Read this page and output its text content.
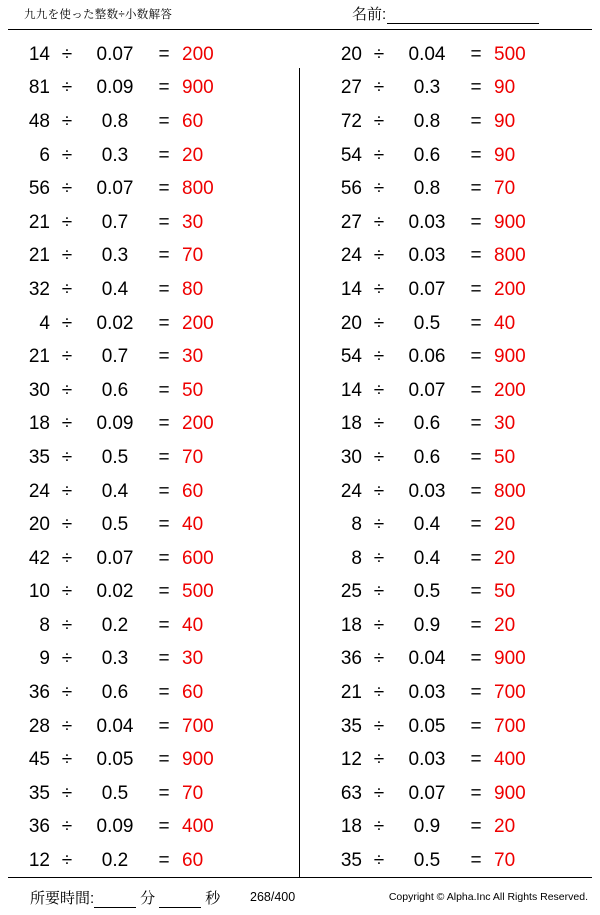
九九を使った整数÷小数解答	名前:
14 ÷	0.07	= 200
81 ÷	0.09	= 900
48 ÷	0.8	= 60
6 ÷	0.3	= 20
56 ÷	0.07	= 800
21 ÷	0.7	= 30
21 ÷	0.3	= 70
32 ÷	0.4	= 80
4 ÷	0.02	= 200
21 ÷	0.7	= 30
30 ÷	0.6	= 50
18 ÷	0.09	= 200
35 ÷	0.5	= 70
24 ÷	0.4	= 60
20 ÷	0.5	= 40
42 ÷	0.07	= 600
10 ÷	0.02	= 500
8 ÷	0.2	= 40
9 ÷	0.3	= 30
36 ÷	0.6	= 60
28 ÷	0.04	= 700
45 ÷	0.05	= 900
35 ÷	0.5	= 70
36 ÷	0.09	= 400
12 ÷	0.2	= 60
20 ÷	0.04	= 500
27 ÷	0.3	= 90
72 ÷	0.8	= 90
54 ÷	0.6	= 90
56 ÷	0.8	= 70
27 ÷	0.03	= 900
24 ÷	0.03	= 800
14 ÷	0.07	= 200
20 ÷	0.5	= 40
54 ÷	0.06	= 900
14 ÷	0.07	= 200
18 ÷	0.6	= 30
30 ÷	0.6	= 50
24 ÷	0.03	= 800
8 ÷	0.4	= 20
8 ÷	0.4	= 20
25 ÷	0.5	= 50
18 ÷	0.9	= 20
36 ÷	0.04	= 900
21 ÷	0.03	= 700
35 ÷	0.05	= 700
12 ÷	0.03	= 400
63 ÷	0.07	= 900
18 ÷	0.9	= 20
35 ÷	0.5	= 70
所要時間:	分	秒	268/400	Copyright © Alpha.Inc All Rights Reserved.
